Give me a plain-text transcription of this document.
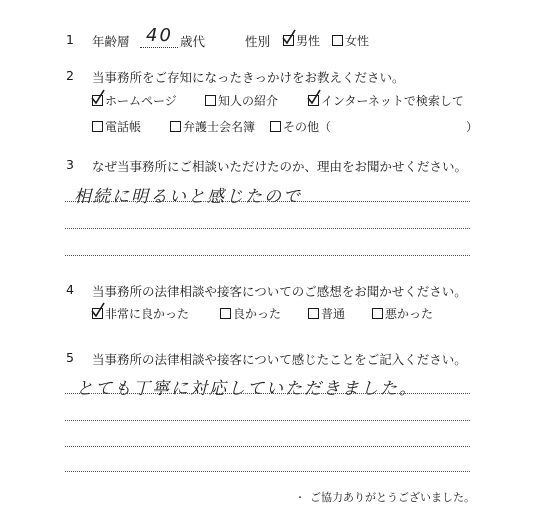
1 年齢層 40 歳代	性別 男性 女性
2 当事務所をご存知になったきっかけをお教えください。
ホームページ	知人の紹介	インターネットで検索して
電話帳	弁護士会名簿 その他（	）
3 なぜ当事務所にご相談いただけたのか、理由をお聞かせください。
相続に明るいと感じたので
4 当事務所の法律相談や接客についてのご感想をお聞かせください。
非常に良かった	良かった	普通	悪かった
5 当事務所の法律相談や接客について感じたことをご記入ください。
とても丁寧に対応していただきました。
. ご協力ありがとうございました。
